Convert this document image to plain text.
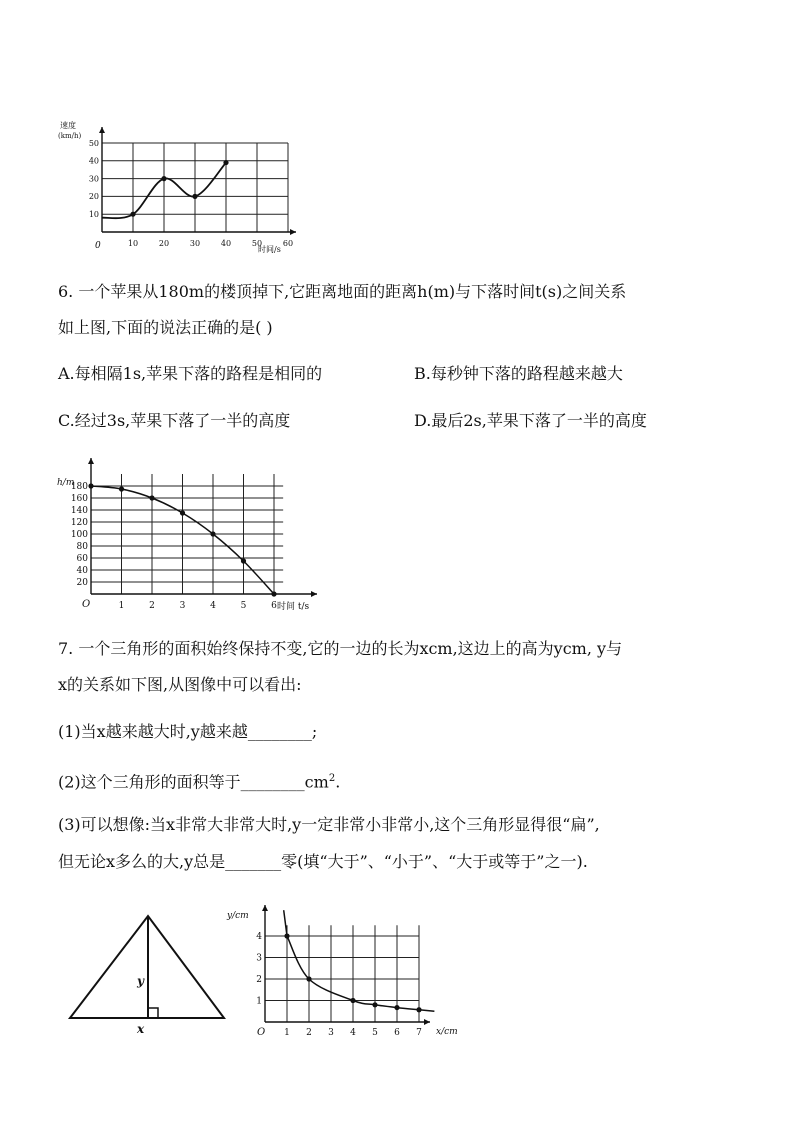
速度
(km/h)
10	20	30	40	50	60
10
20
30
40
50
0	时间/s
6. 一个苹果从180m的楼顶掉下,它距离地面的距离h(m)与下落时间t(s)之间关系
如上图,下面的说法正确的是( )
A.每相隔1s,苹果下落的路程是相同的	B.每秒钟下落的路程越来越大
C.经过3s,苹果下落了一半的高度	D.最后2s,苹果下落了一半的高度
h/m
1	2	3	4	5	6
20
40
60
80
100
120
140
160
180
O	时间 t/s
7. 一个三角形的面积始终保持不变,它的一边的长为xcm,这边上的高为ycm, y与
x的关系如下图,从图像中可以看出:
(1)当x越来越大时,y越来越________;
(2)这个三角形的面积等于$\_\_\_\_\_\_\_\_cm^2$.
(3)可以想像:当x非常大非常大时,y一定非常小非常小,这个三角形显得很“扁”,
但无论x多么的大,y总是_______零(填“大于”、“小于”、“大于或等于”之一).
y
x
y/cm
1 2 3 4 5 6 7
1
2
3
4
O	x/cm
